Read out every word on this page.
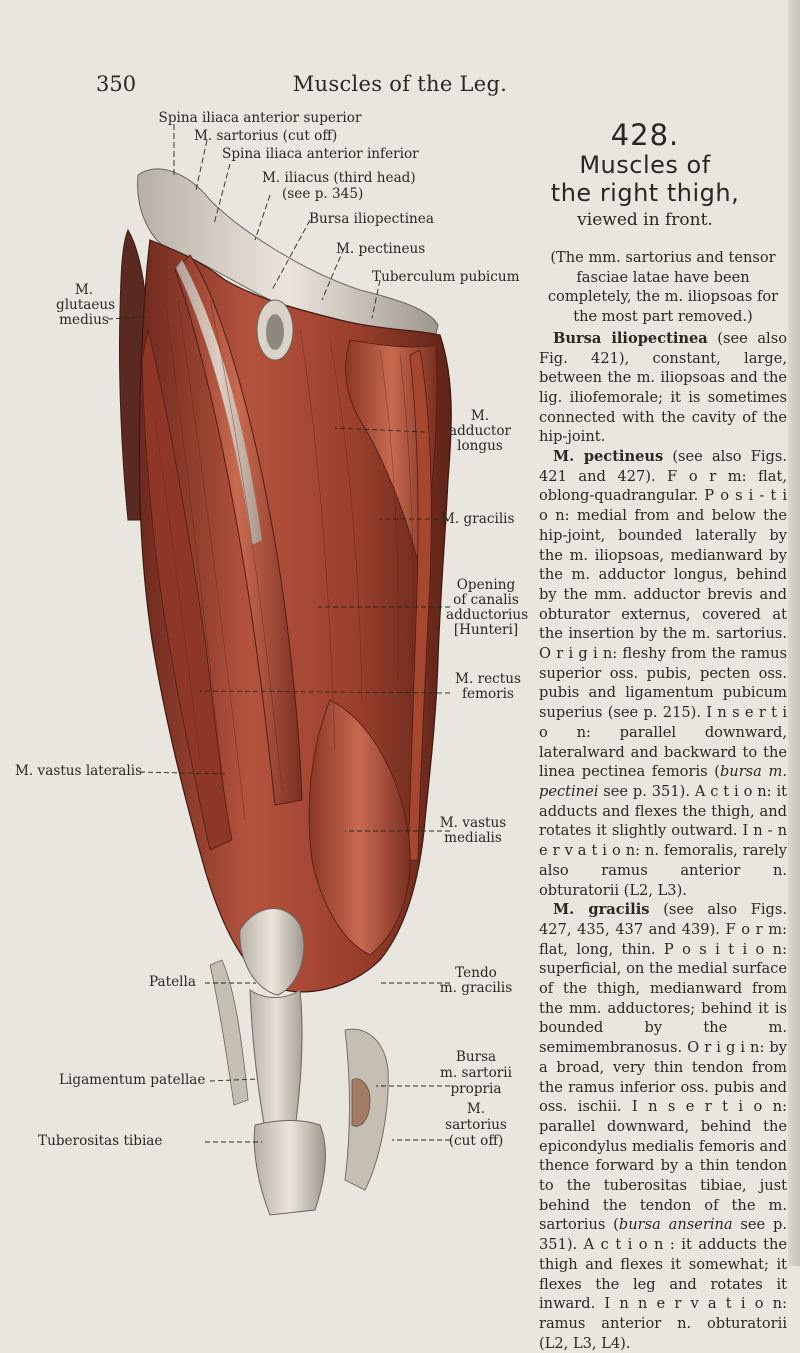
350	Muscles of the Leg.
Spina iliaca anterior superior
M. sartorius (cut off)
Spina iliaca anterior inferior
M. iliacus (third head)
(see p. 345)
Bursa iliopectinea
M. pectineus
Tuberculum pubicum
M.
glutaeus
medius
M.
adductor
longus
M. gracilis
Opening
of canalis
adductorius
[Hunteri]
M. rectus
femoris
M. vastus lateralis
M. vastus
medialis
Patella
Tendo
m. gracilis
Ligamentum patellae
Bursa
m. sartorii
propria
Tuberositas tibiae
M.
sartorius
(cut off)
428.
Muscles of
the right thigh,
viewed in front.

(The mm. sartorius and tensor fasciae latae have been completely, the m. iliopsoas for the most part removed.)

Bursa iliopectinea (see also Fig. 421), constant, large, between the m. iliopsoas and the lig. iliofemorale; it is sometimes connected with the cavity of the hip-joint.

M. pectineus (see also Figs. 421 and 427). F o r m: flat, oblong-quadrangular. P o s i - t i o n: medial from and below the hip-joint, bounded laterally by the m. iliopsoas, medianward by the m. adductor longus, behind by the mm. adductor brevis and obturator externus, covered at the insertion by the m. sartorius. O r i g i n: fleshy from the ramus superior oss. pubis, pecten oss. pubis and ligamentum pubicum superius (see p. 215). I n s e r t i o n: parallel downward, lateralward and backward to the linea pectinea femoris (bursa m. pectinei see p. 351). A c t i o n: it adducts and flexes the thigh, and rotates it slightly outward. I n - n e r v a t i o n: n. femoralis, rarely also ramus anterior n. obturatorii (L2, L3).

M. gracilis (see also Figs. 427, 435, 437 and 439). F o r m: flat, long, thin. P o s i t i o n: superficial, on the medial surface of the thigh, medianward from the mm. adductores; behind it is bounded by the m. semimembranosus. O r i g i n: by a broad, very thin tendon from the ramus inferior oss. pubis and oss. ischii. I n s e r t i o n: parallel downward, behind the epicondylus medialis femoris and thence forward by a thin tendon to the tuberositas tibiae, just behind the tendon of the m. sartorius (bursa anserina see p. 351). A c t i o n : it adducts the thigh and flexes it somewhat; it flexes the leg and rotates it inward. I n n e r v a t i o n: ramus anterior n. obturatorii (L2, L3, L4).
